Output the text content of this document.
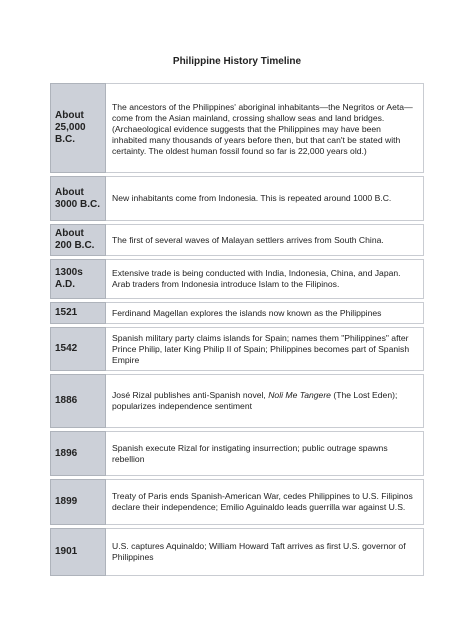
Philippine History Timeline
About 25,000 B.C.	The ancestors of the Philippines' aboriginal inhabitants—the Negritos or Aeta—come from the Asian mainland, crossing shallow seas and land bridges. (Archaeological evidence suggests that the Philippines may have been inhabited many thousands of years before then, but that can't be stated with certainty. The oldest human fossil found so far is 22,000 years old.)
About 3000 B.C.	New inhabitants come from Indonesia. This is repeated around 1000 B.C.
About 200 B.C.	The first of several waves of Malayan settlers arrives from South China.
1300s A.D.	Extensive trade is being conducted with India, Indonesia, China, and Japan. Arab traders from Indonesia introduce Islam to the Filipinos.
1521	Ferdinand Magellan explores the islands now known as the Philippines
1542	Spanish military party claims islands for Spain; names them "Philippines" after Prince Philip, later King Philip II of Spain; Philippines becomes part of Spanish Empire
1886	José Rizal publishes anti-Spanish novel, Noli Me Tangere (The Lost Eden); popularizes independence sentiment
1896	Spanish execute Rizal for instigating insurrection; public outrage spawns rebellion
1899	Treaty of Paris ends Spanish-American War, cedes Philippines to U.S. Filipinos declare their independence; Emilio Aguinaldo leads guerrilla war against U.S.
1901	U.S. captures Aquinaldo; William Howard Taft arrives as first U.S. governor of Philippines
